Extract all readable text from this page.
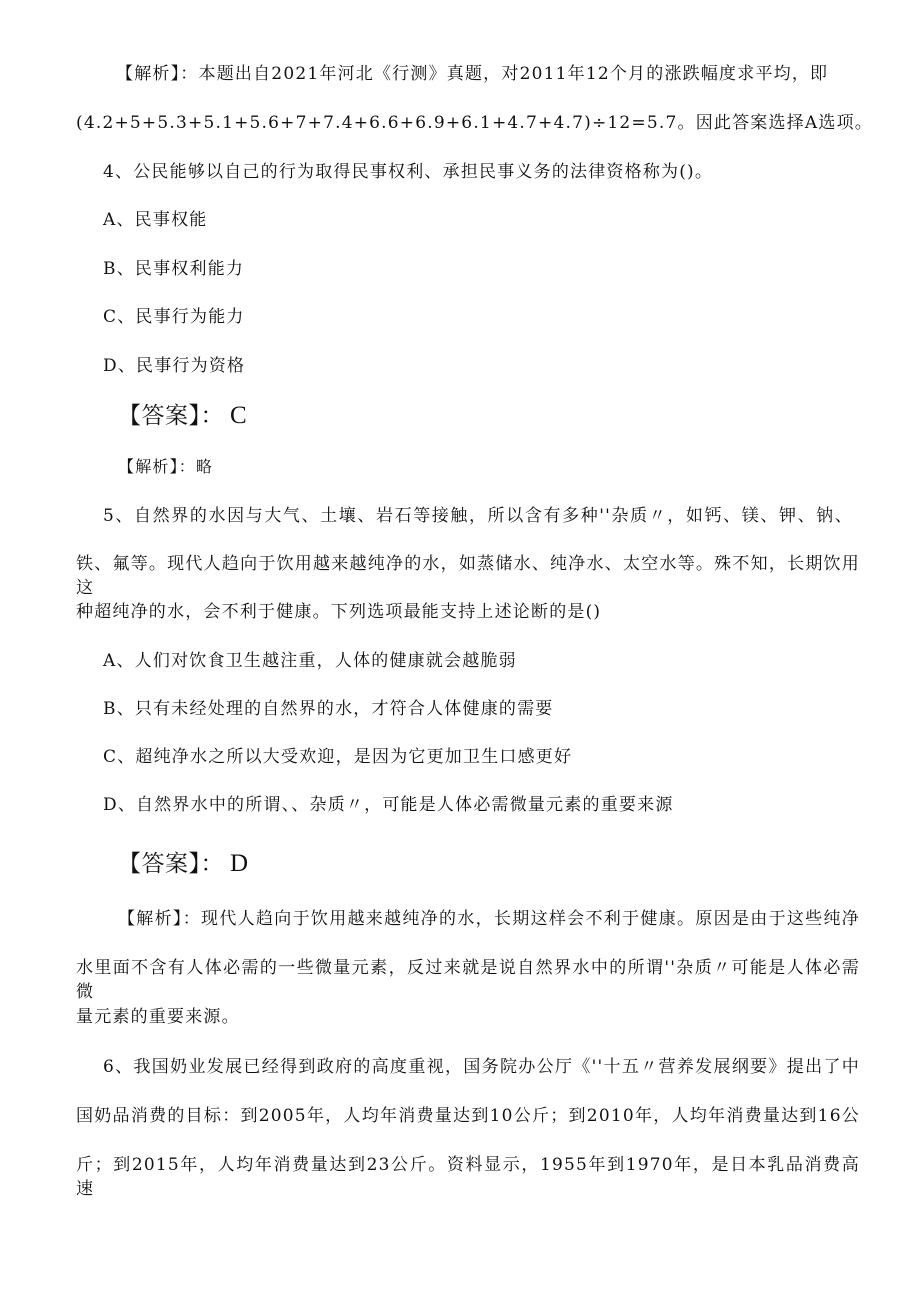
【解析】：本题出自2021年河北《行测》真题，对2011年12个月的涨跌幅度求平均，即
(4.2+5+5.3+5.1+5.6+7+7.4+6.6+6.9+6.1+4.7+4.7)÷12=5.7。因此答案选择A选项。
4、公民能够以自己的行为取得民事权利、承担民事义务的法律资格称为()。
A、民事权能
B、民事权利能力
C、民事行为能力
D、民事行为资格
【答案】： C
【解析】：略
5、自然界的水因与大气、土壤、岩石等接触，所以含有多种''杂质〃，如钙、镁、钾、钠、
铁、氟等。现代人趋向于饮用越来越纯净的水，如蒸储水、纯净水、太空水等。殊不知，长期饮用这
种超纯净的水，会不利于健康。下列选项最能支持上述论断的是()
A、人们对饮食卫生越注重，人体的健康就会越脆弱
B、只有未经处理的自然界的水，才符合人体健康的需要
C、超纯净水之所以大受欢迎，是因为它更加卫生口感更好
D、自然界水中的所谓、、杂质〃，可能是人体必需微量元素的重要来源
【答案】： D
【解析】：现代人趋向于饮用越来越纯净的水，长期这样会不利于健康。原因是由于这些纯净
水里面不含有人体必需的一些微量元素，反过来就是说自然界水中的所谓''杂质〃可能是人体必需微
量元素的重要来源。
6、我国奶业发展已经得到政府的高度重视，国务院办公厅《''十五〃营养发展纲要》提出了中
国奶品消费的目标：到2005年，人均年消费量达到10公斤；到2010年，人均年消费量达到16公
斤；到2015年，人均年消费量达到23公斤。资料显示，1955年到1970年，是日本乳品消费高速
